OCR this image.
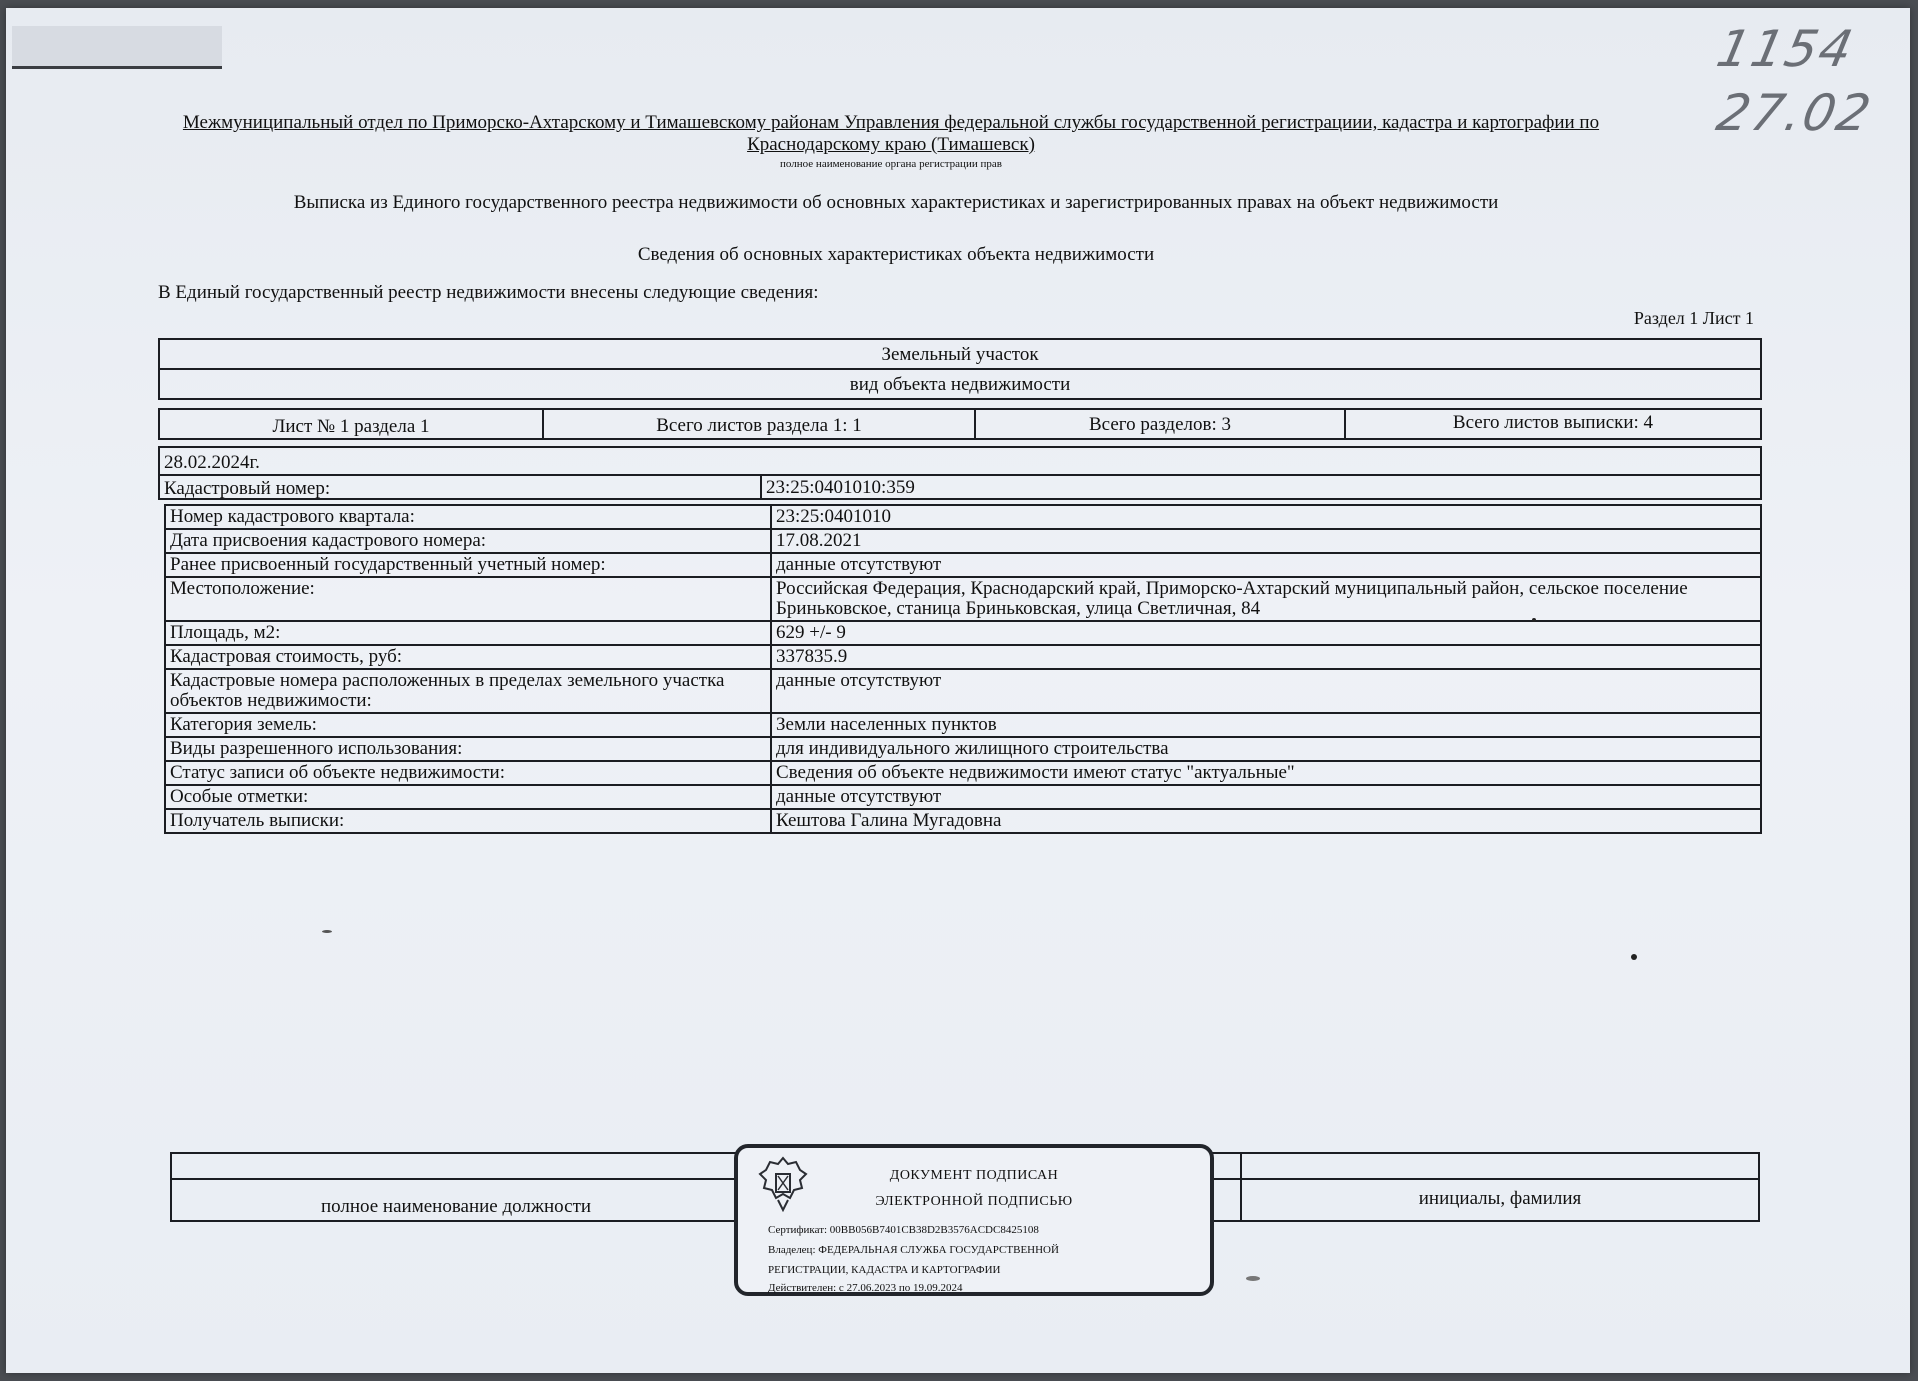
1154
27.02
Межмуниципальный отдел по Приморско-Ахтарскому и Тимашевскому районам Управления федеральной службы государственной регистрациии, кадастра и картографии по Краснодарскому краю (Тимашевск)
полное наименование органа регистрации прав
Выписка из Единого государственного реестра недвижимости об основных характеристиках и зарегистрированных правах на объект недвижимости
Сведения об основных характеристиках объекта недвижимости
В Единый государственный реестр недвижимости внесены следующие сведения:
Раздел 1 Лист 1
Земельный участок
вид объекта недвижимости
Лист № 1 раздела 1	Всего листов раздела 1: 1	Всего разделов: 3	Всего листов выписки: 4
28.02.2024г.
Кадастровый номер:	23:25:0401010:359
Номер кадастрового квартала:	23:25:0401010
Дата присвоения кадастрового номера:	17.08.2021
Ранее присвоенный государственный учетный номер:	данные отсутствуют
Местоположение:	Российская Федерация, Краснодарский край, Приморско-Ахтарский муниципальный район, сельское поселение Бриньковское, станица Бриньковская, улица Светличная, 84
Площадь, м2:	629 +/- 9
Кадастровая стоимость, руб:	337835.9
Кадастровые номера расположенных в пределах земельного участка объектов недвижимости:	данные отсутствуют
Категория земель:	Земли населенных пунктов
Виды разрешенного использования:	для индивидуального жилищного строительства
Статус записи об объекте недвижимости:	Сведения об объекте недвижимости имеют статус "актуальные"
Особые отметки:	данные отсутствуют
Получатель выписки:	Кештова Галина Мугадовна
полное наименование должности	инициалы, фамилия
ДОКУМЕНТ ПОДПИСАН
ЭЛЕКТРОННОЙ ПОДПИСЬЮ
Сертификат: 00BB056B7401CB38D2B3576ACDC8425108
Владелец: ФЕДЕРАЛЬНАЯ СЛУЖБА ГОСУДАРСТВЕННОЙ
РЕГИСТРАЦИИ, КАДАСТРА И КАРТОГРАФИИ
Действителен: с 27.06.2023 по 19.09.2024
